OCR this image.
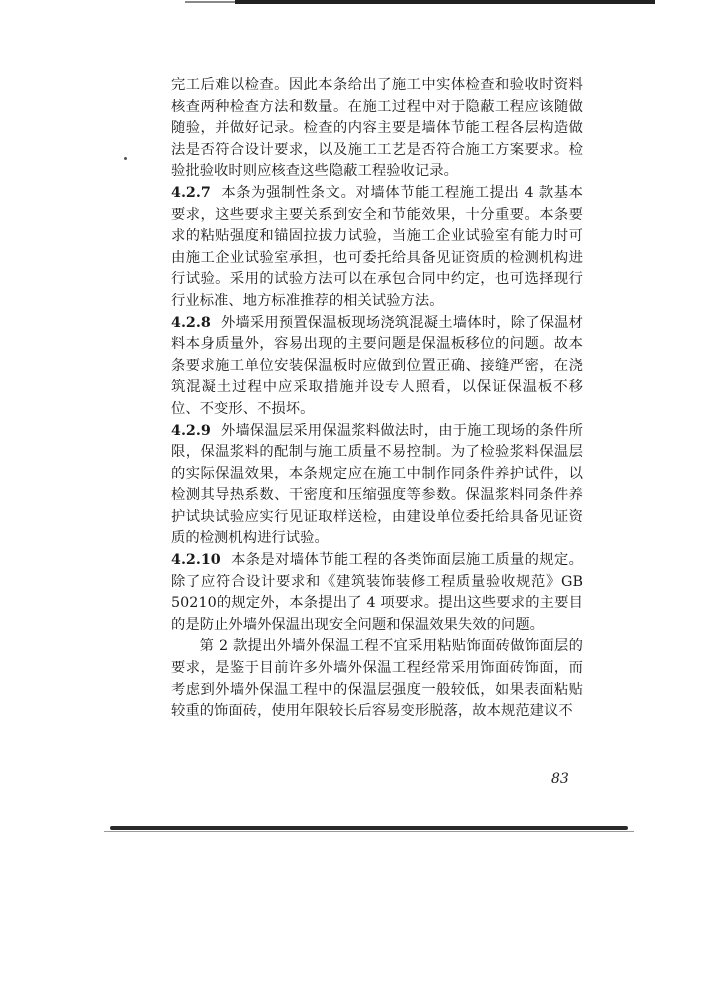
完工后难以检查。因此本条给出了施工中实体检查和验收时资料核查两种检查方法和数量。在施工过程中对于隐蔽工程应该随做随验，并做好记录。检查的内容主要是墙体节能工程各层构造做法是否符合设计要求，以及施工工艺是否符合施工方案要求。检验批验收时则应核查这些隐蔽工程验收记录。

4.2.7 本条为强制性条文。对墙体节能工程施工提出 4 款基本要求，这些要求主要关系到安全和节能效果，十分重要。本条要求的粘贴强度和锚固拉拔力试验，当施工企业试验室有能力时可由施工企业试验室承担，也可委托给具备见证资质的检测机构进行试验。采用的试验方法可以在承包合同中约定，也可选择现行行业标准、地方标准推荐的相关试验方法。

4.2.8 外墙采用预置保温板现场浇筑混凝土墙体时，除了保温材料本身质量外，容易出现的主要问题是保温板移位的问题。故本条要求施工单位安装保温板时应做到位置正确、接缝严密，在浇筑混凝土过程中应采取措施并设专人照看，以保证保温板不移位、不变形、不损坏。

4.2.9 外墙保温层采用保温浆料做法时，由于施工现场的条件所限，保温浆料的配制与施工质量不易控制。为了检验浆料保温层的实际保温效果，本条规定应在施工中制作同条件养护试件，以检测其导热系数、干密度和压缩强度等参数。保温浆料同条件养护试块试验应实行见证取样送检，由建设单位委托给具备见证资质的检测机构进行试验。

4.2.10 本条是对墙体节能工程的各类饰面层施工质量的规定。除了应符合设计要求和《建筑装饰装修工程质量验收规范》GB 50210的规定外，本条提出了 4 项要求。提出这些要求的主要目的是防止外墙外保温出现安全问题和保温效果失效的问题。

第 2 款提出外墙外保温工程不宜采用粘贴饰面砖做饰面层的要求，是鉴于目前许多外墙外保温工程经常采用饰面砖饰面，而考虑到外墙外保温工程中的保温层强度一般较低，如果表面粘贴较重的饰面砖，使用年限较长后容易变形脱落，故本规范建议不

83
